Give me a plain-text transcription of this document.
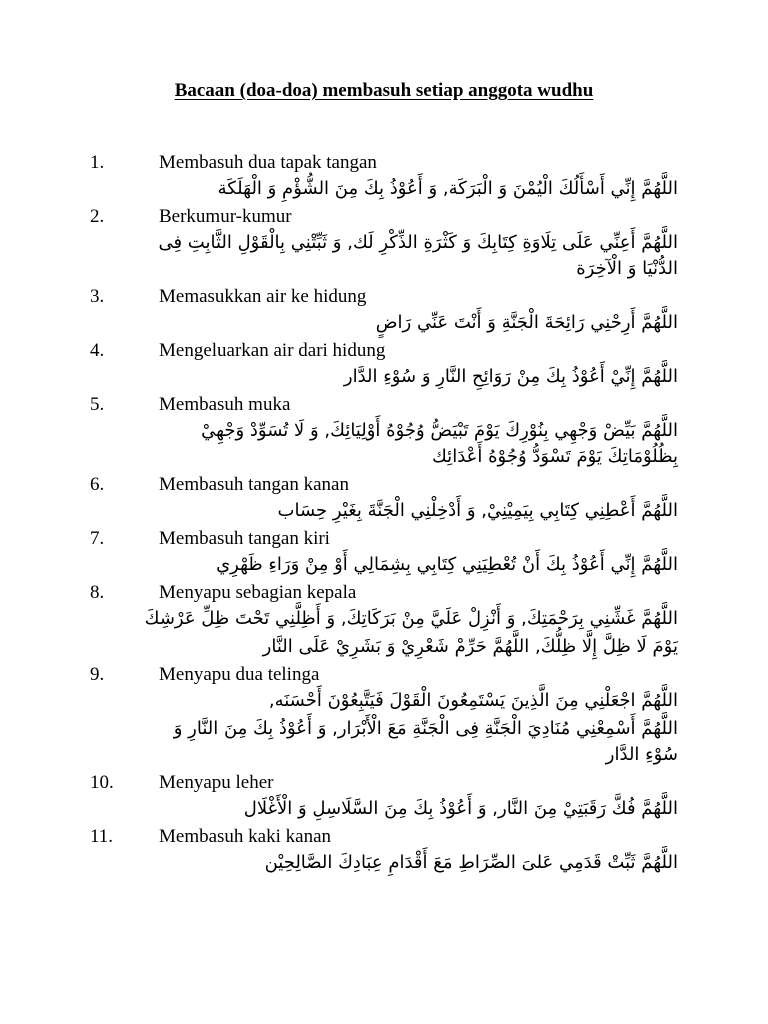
Bacaan (doa-doa) membasuh setiap anggota wudhu
1.	Membasuh dua tapak tangan
اللَّهُمَّ إِنِّي أَسْأَلُكَ الْيُمْنَ وَ الْبَرَكَة, وَ أَعُوْذُ بِكَ مِنَ الشُّؤْمِ وَ الْهَلَكَة
2.	Berkumur-kumur
اللَّهُمَّ أَعِنِّي عَلَى تِلَاوَةِ كِتَابِكَ وَ كَثْرَةِ الذِّكْرِ لَك, وَ ثَبِّتْنِي بِالْقَوْلِ الثَّابِتِ فِى الدُّنْيَا وَ الْآخِرَة
3.	Memasukkan air ke hidung
اللَّهُمَّ أَرِحْنِي رَائِحَةَ الْجَنَّةِ وَ أَنْتَ عَنِّي رَاضٍ
4.	Mengeluarkan air dari hidung
اللَّهُمَّ إِنِّيْ أَعُوْذُ بِكَ مِنْ رَوَائِحِ النَّارِ وَ سُوْءِ الدَّار
5.	Membasuh muka
اللَّهُمَّ بَيِّضْ وَجْهِي بِنُوْرِكَ يَوْمَ تَبْيَضُّ وُجُوْهُ أَوْلِيَائِكَ, وَ لَا تُسَوِّدْ وَجْهِيْ بِظُلُوْمَاتِكَ يَوْمَ تَسْوَدُّ وُجُوْهُ أَعْدَائِك
6.	Membasuh tangan kanan
اللَّهُمَّ أَعْطِنِي كِتَابِي بِيَمِيْنِيْ, وَ أَدْخِلْنِي الْجَنَّةَ بِغَيْرِ حِسَاب
7.	Membasuh tangan kiri
اللَّهُمَّ إِنِّي أَعُوْذُ بِكَ أَنْ تُعْطِيَنِي كِتَابِي بِشِمَالِي أَوْ مِنْ وَرَاءِ ظَهْرِي
8.	Menyapu sebagian kepala
اللَّهُمَّ غَشِّنِي بِرَحْمَتِكَ, وَ أَنْزِلْ عَلَيَّ مِنْ بَرَكَاتِكَ, وَ أَظِلَّنِي تَحْتَ ظِلِّ عَرْشِكَ
يَوْمَ لَا ظِلَّ إِلَّا ظِلُّكَ, اللَّهُمَّ حَرِّمْ شَعْرِيْ وَ بَشَرِيْ عَلَى النَّار
9.	Menyapu dua telinga
اللَّهُمَّ اجْعَلْنِي مِنَ الَّذِينَ يَسْتَمِعُونَ الْقَوْلَ فَيَتَّبِعُوْنَ أَحْسَنَه,
اللَّهُمَّ أَسْمِعْنِي مُنَادِيَ الْجَنَّةِ فِى الْجَنَّةِ مَعَ الْأَبْرَار, وَ أَعُوْذُ بِكَ مِنَ النَّارِ وَ سُوْءِ الدَّار
10. Menyapu leher
اللَّهُمَّ فُكَّ رَقَبَتِيْ مِنَ النَّار, وَ أَعُوْذُ بِكَ مِنَ السَّلَاسِلِ وَ الْأَغْلَال
11. Membasuh kaki kanan
اللَّهُمَّ ثَبِّتْ قَدَمِي عَلىَ الصِّرَاطِ مَعَ أَقْدَامِ عِبَادِكَ الصَّالِحِيْن
